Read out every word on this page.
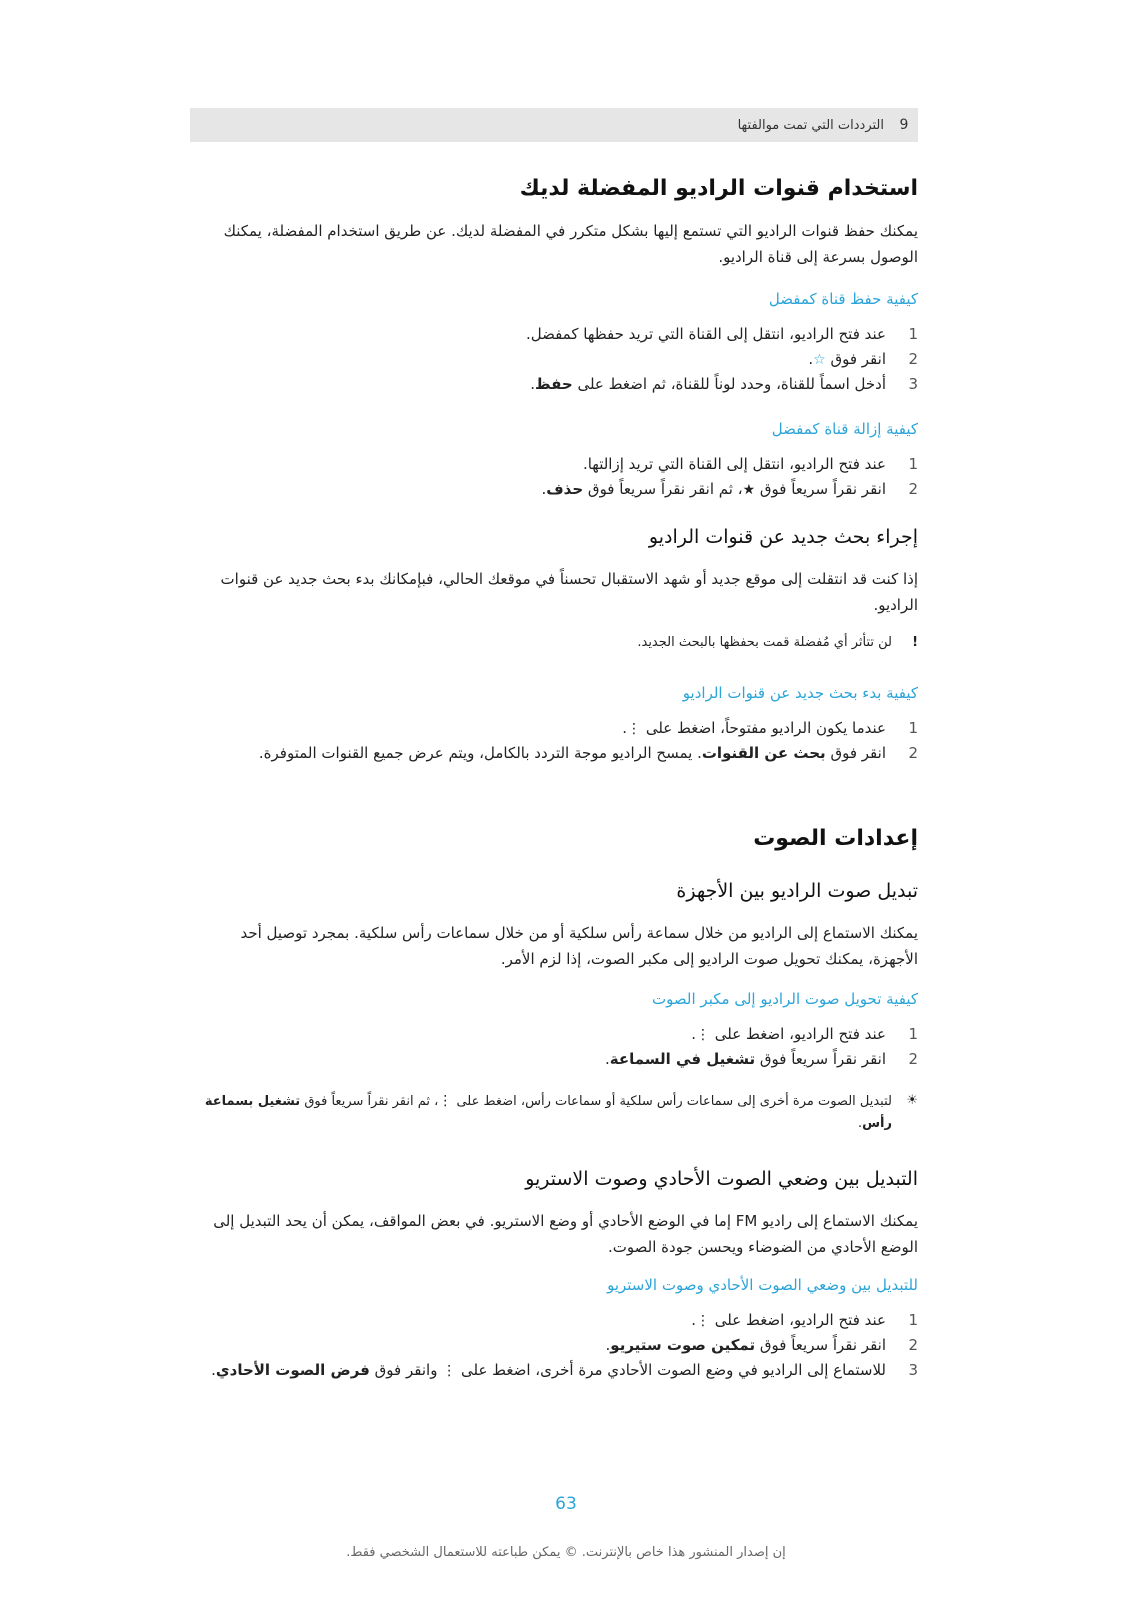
9
الترددات التي تمت موالفتها
استخدام قنوات الراديو المفضلة لديك
يمكنك حفظ قنوات الراديو التي تستمع إليها بشكل متكرر في المفضلة لديك. عن طريق استخدام المفضلة، يمكنك الوصول بسرعة إلى قناة الراديو.
كيفية حفظ قناة كمفضل
1
عند فتح الراديو، انتقل إلى القناة التي تريد حفظها كمفضل.
2
انقر فوق ☆.
3
أدخل اسماً للقناة، وحدد لوناً للقناة، ثم اضغط على حفظ.
كيفية إزالة قناة كمفضل
1
عند فتح الراديو، انتقل إلى القناة التي تريد إزالتها.
2
انقر نقراً سريعاً فوق ★، ثم انقر نقراً سريعاً فوق حذف.
إجراء بحث جديد عن قنوات الراديو
إذا كنت قد انتقلت إلى موقع جديد أو شهد الاستقبال تحسناً في موقعك الحالي، فبإمكانك بدء بحث جديد عن قنوات الراديو.
!
لن تتأثر أي مُفضلة قمت بحفظها بالبحث الجديد.
كيفية بدء بحث جديد عن قنوات الراديو
1
عندما يكون الراديو مفتوحاً، اضغط على ⋮.
2
انقر فوق بحث عن القنوات. يمسح الراديو موجة التردد بالكامل، ويتم عرض جميع القنوات المتوفرة.
إعدادات الصوت
تبديل صوت الراديو بين الأجهزة
يمكنك الاستماع إلى الراديو من خلال سماعة رأس سلكية أو من خلال سماعات رأس سلكية. بمجرد توصيل أحد الأجهزة، يمكنك تحويل صوت الراديو إلى مكبر الصوت، إذا لزم الأمر.
كيفية تحويل صوت الراديو إلى مكبر الصوت
1
عند فتح الراديو، اضغط على ⋮.
2
انقر نقراً سريعاً فوق تشغيل في السماعة.
☀
لتبديل الصوت مرة أخرى إلى سماعات رأس سلكية أو سماعات رأس، اضغط على ⋮، ثم انقر نقراً سريعاً فوق تشغيل بسماعة رأس.
التبديل بين وضعي الصوت الأحادي وصوت الاستريو
يمكنك الاستماع إلى راديو FM إما في الوضع الأحادي أو وضع الاستريو. في بعض المواقف، يمكن أن يحد التبديل إلى الوضع الأحادي من الضوضاء ويحسن جودة الصوت.
للتبديل بين وضعي الصوت الأحادي وصوت الاستريو
1
عند فتح الراديو، اضغط على ⋮.
2
انقر نقراً سريعاً فوق تمكين صوت ستيريو.
3
للاستماع إلى الراديو في وضع الصوت الأحادي مرة أخرى، اضغط على ⋮ وانقر فوق فرض الصوت الأحادي.
63
إن إصدار المنشور هذا خاص بالإنترنت. © يمكن طباعته للاستعمال الشخصي فقط.
